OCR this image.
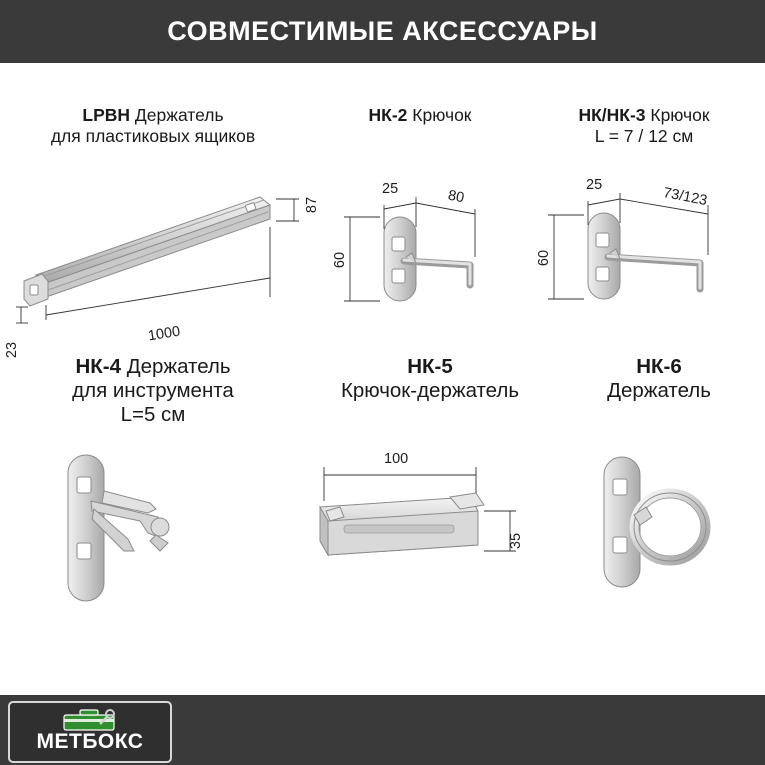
СОВМЕСТИМЫЕ АКСЕССУАРЫ
LPBH Держатель
для пластиковых ящиков
87
1000
23
НК-2 Крючок
25	80
60
НК/НК-3 Крючок
L = 7 / 12 см
25	73/123
60
НК-4 Держатель
для инструмента
L=5 см
НК-5
Крючок-держатель
100
35
НК-6
Держатель
МЕТБОКС
